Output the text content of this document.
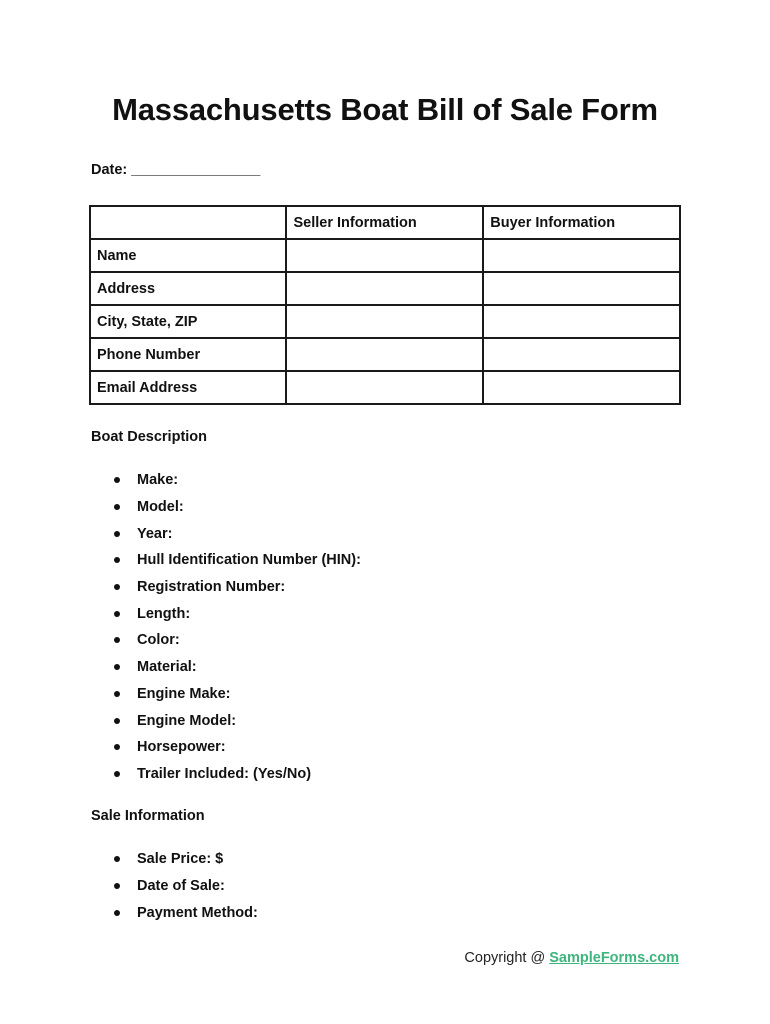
Massachusetts Boat Bill of Sale Form

Date: ________________

	Seller Information	Buyer Information
Name		
Address		
City, State, ZIP		
Phone Number		
Email Address		

Boat Description

Make:
Model:
Year:
Hull Identification Number (HIN):
Registration Number:
Length:
Color:
Material:
Engine Make:
Engine Model:
Horsepower:
Trailer Included: (Yes/No)

Sale Information

Sale Price: $
Date of Sale:
Payment Method:
Copyright @ SampleForms.com
